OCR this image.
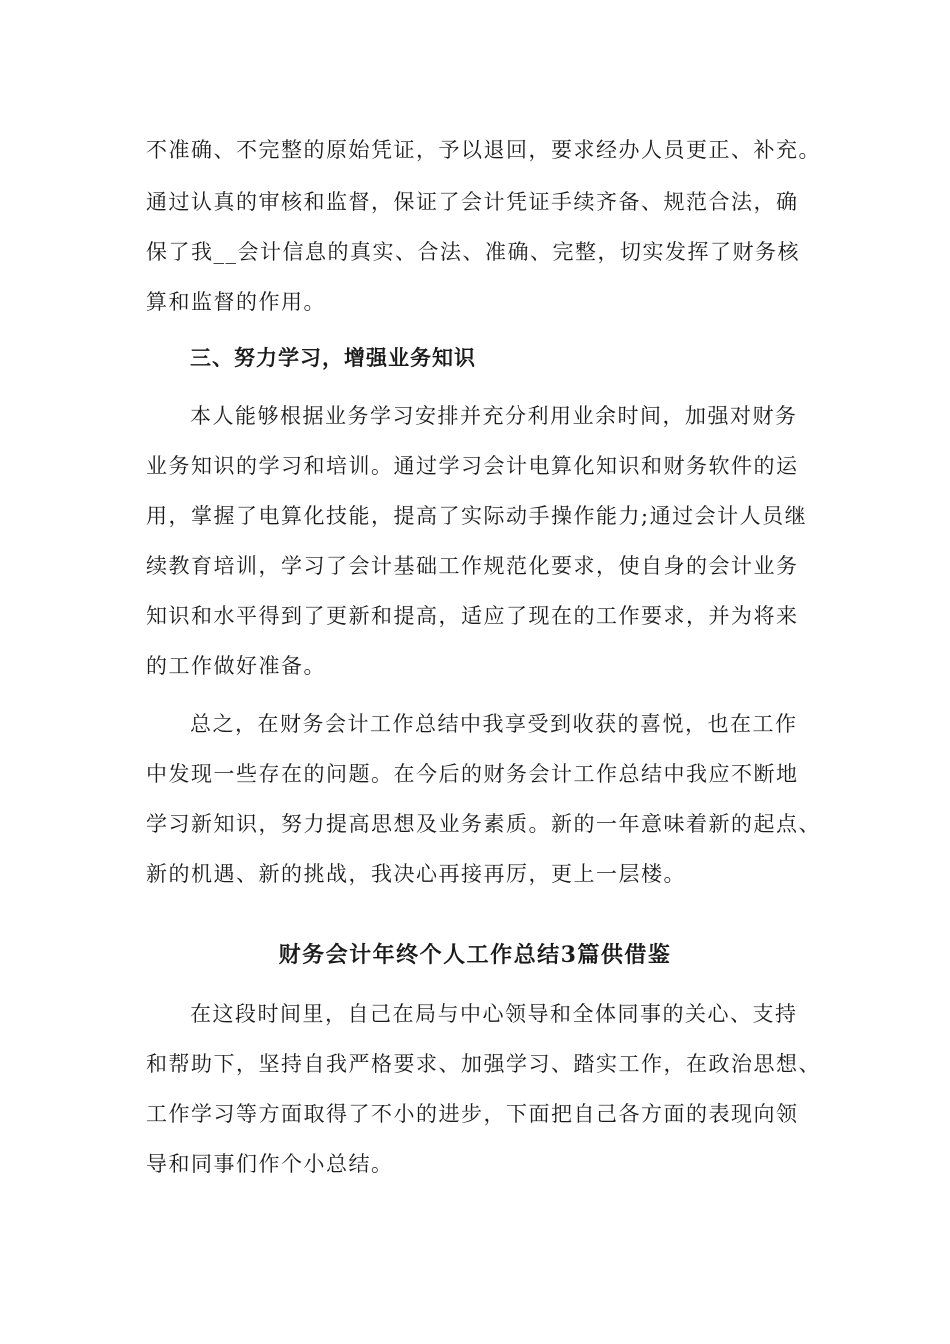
不准确、不完整的原始凭证，予以退回，要求经办人员更正、补充。
通过认真的审核和监督，保证了会计凭证手续齐备、规范合法，确
保了我__会计信息的真实、合法、准确、完整，切实发挥了财务核
算和监督的作用。
三、努力学习，增强业务知识
本人能够根据业务学习安排并充分利用业余时间，加强对财务
业务知识的学习和培训。通过学习会计电算化知识和财务软件的运
用，掌握了电算化技能，提高了实际动手操作能力;通过会计人员继
续教育培训，学习了会计基础工作规范化要求，使自身的会计业务
知识和水平得到了更新和提高，适应了现在的工作要求，并为将来
的工作做好准备。
总之，在财务会计工作总结中我享受到收获的喜悦，也在工作
中发现一些存在的问题。在今后的财务会计工作总结中我应不断地
学习新知识，努力提高思想及业务素质。新的一年意味着新的起点、
新的机遇、新的挑战，我决心再接再厉，更上一层楼。
财务会计年终个人工作总结3篇供借鉴
在这段时间里，自己在局与中心领导和全体同事的关心、支持
和帮助下，坚持自我严格要求、加强学习、踏实工作，在政治思想、
工作学习等方面取得了不小的进步，下面把自己各方面的表现向领
导和同事们作个小总结。
